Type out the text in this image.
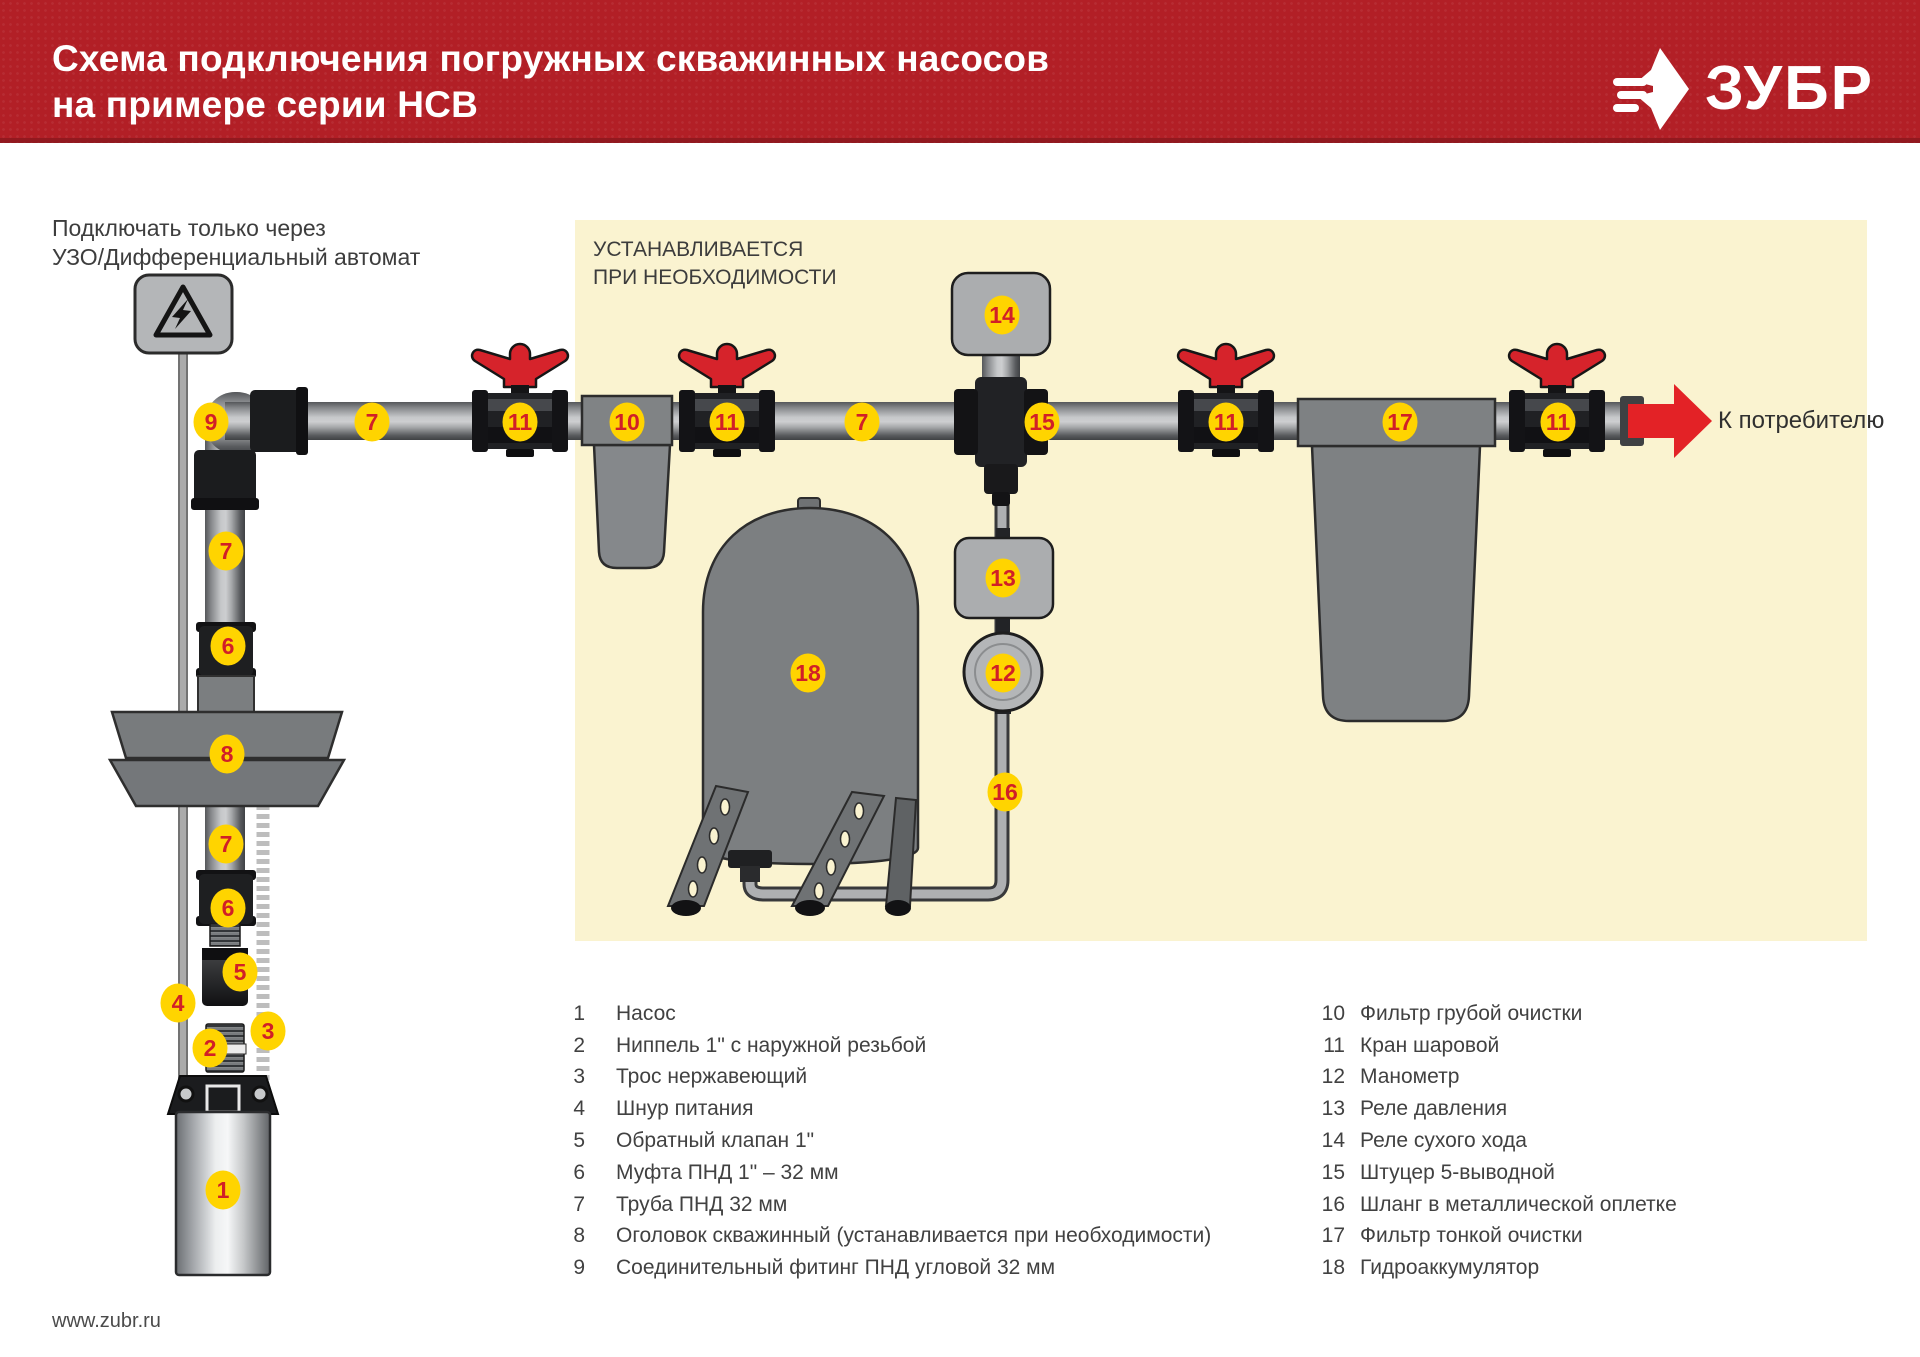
Схема подключения погружных скважинных насосов
на примере серии НСВ	ЗУБР
9	7	11	10	11	7	15	11	17	11
14
13
12
16
18
7
6
8
7
6
5
4
3
2
1
Подключать только через
УЗО/Дифференциальный автомат	УСТАНАВЛИВАЕТСЯ
ПРИ НЕОБХОДИМОСТИ
К потребителю
1 Насос
2 Ниппель 1" с наружной резьбой
3 Трос нержавеющий
4 Шнур питания
5 Обратный клапан 1"
6 Муфта ПНД 1" – 32 мм
7 Труба ПНД 32 мм
8 Оголовок скважинный (устанавливается при необходимости)
9 Соединительный фитинг ПНД угловой 32 мм
10 Фильтр грубой очистки
11 Кран шаровой
12 Манометр
13 Реле давления
14 Реле сухого хода
15 Штуцер 5-выводной
16 Шланг в металлической оплетке
17 Фильтр тонкой очистки
18 Гидроаккумулятор
www.zubr.ru
